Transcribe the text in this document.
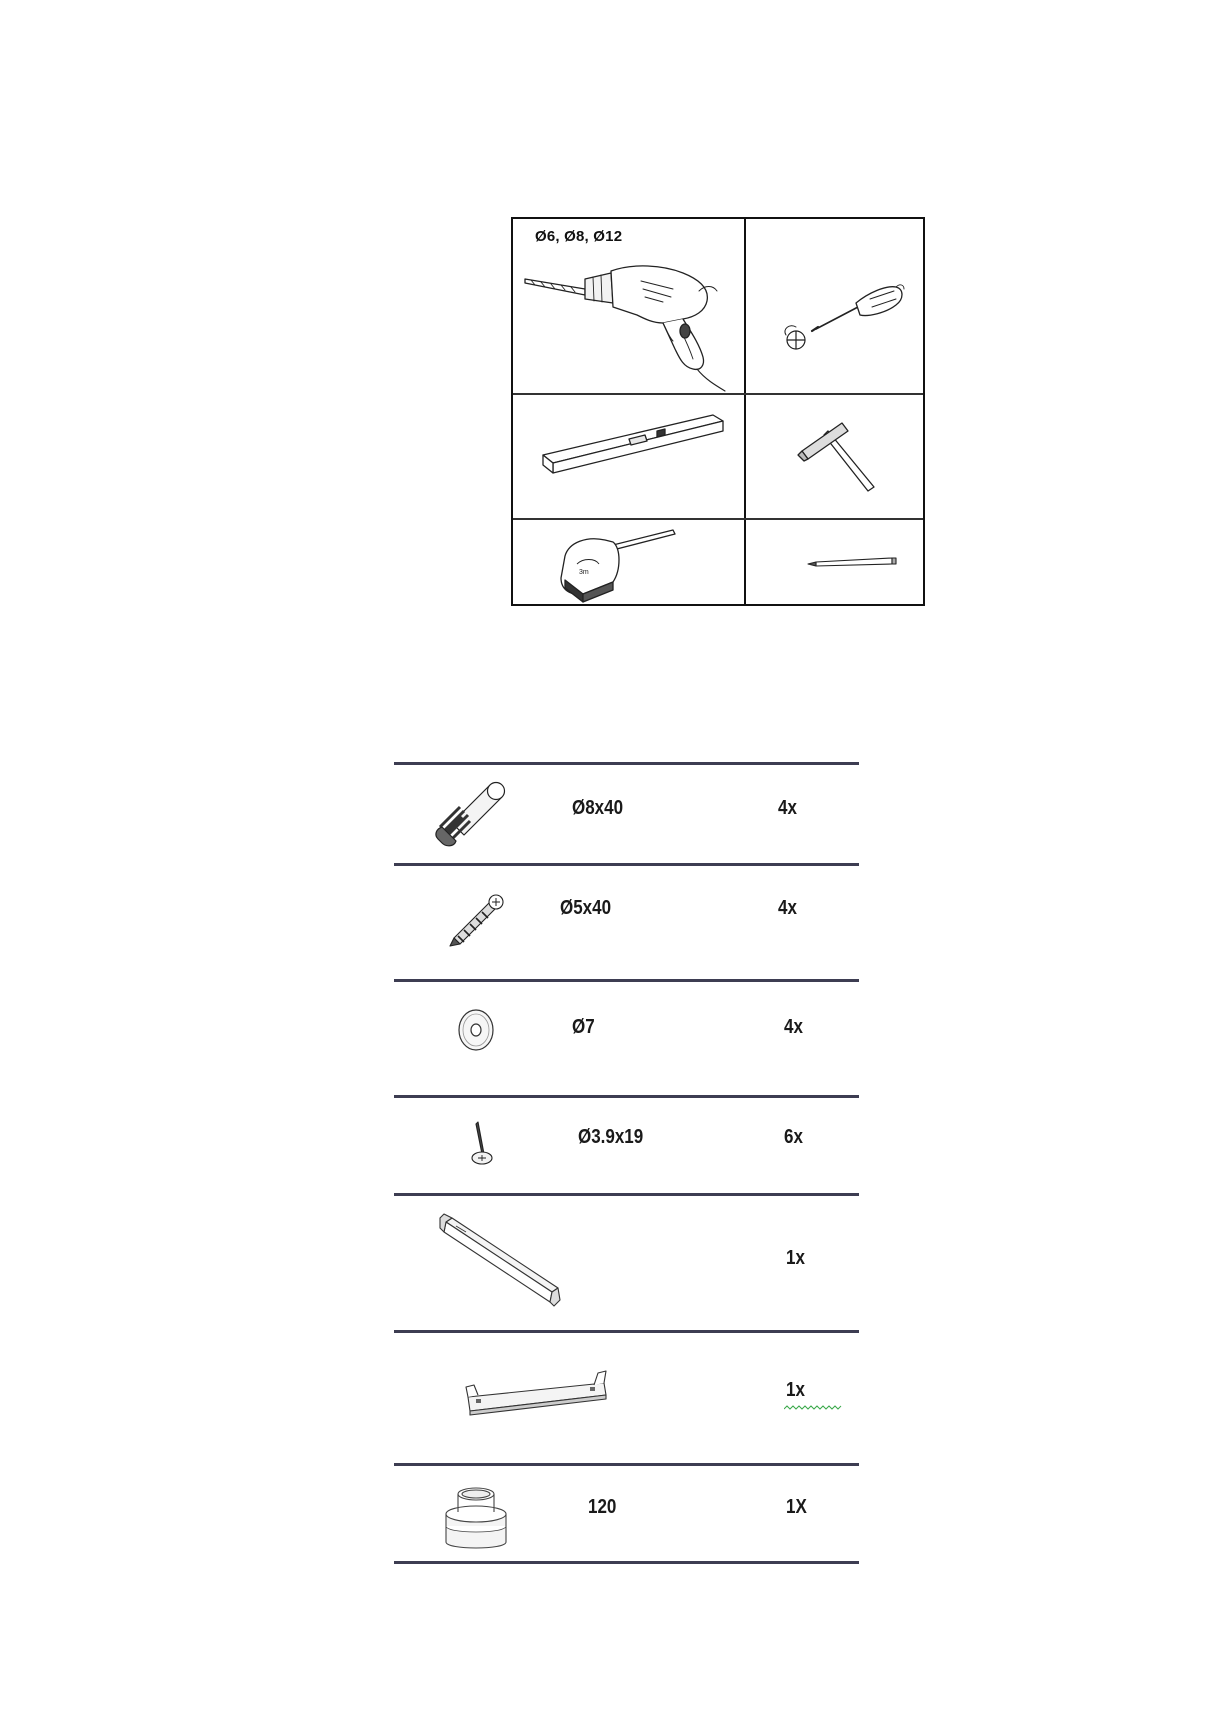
Ø6, Ø8, Ø12
3m
Ø8x40	4x
Ø5x40	4x
Ø7	4x
Ø3.9x19	6x
1x
1x
120	1X
